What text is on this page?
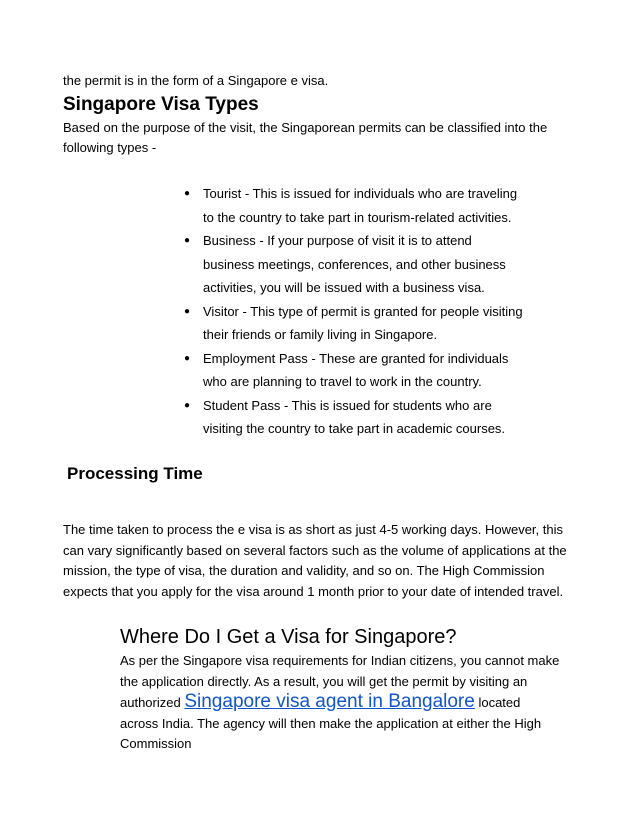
the permit is in the form of a Singapore e visa.
Singapore Visa Types
Based on the purpose of the visit, the Singaporean permits can be classified into the following types -
● Tourist - This is issued for individuals who are traveling to the country to take part in tourism-related activities.
● Business - If your purpose of visit it is to attend business meetings, conferences, and other business activities, you will be issued with a business visa.
● Visitor - This type of permit is granted for people visiting their friends or family living in Singapore.
● Employment Pass - These are granted for individuals who are planning to travel to work in the country.
● Student Pass - This is issued for students who are visiting the country to take part in academic courses.
Processing Time
The time taken to process the e visa is as short as just 4-5 working days. However, this can vary significantly based on several factors such as the volume of applications at the mission, the type of visa, the duration and validity, and so on. The High Commission expects that you apply for the visa around 1 month prior to your date of intended travel.
Where Do I Get a Visa for Singapore?
As per the Singapore visa requirements for Indian citizens, you cannot make the application directly. As a result, you will get the permit by visiting an authorized Singapore visa agent in Bangalore located across India. The agency will then make the application at either the High Commission
